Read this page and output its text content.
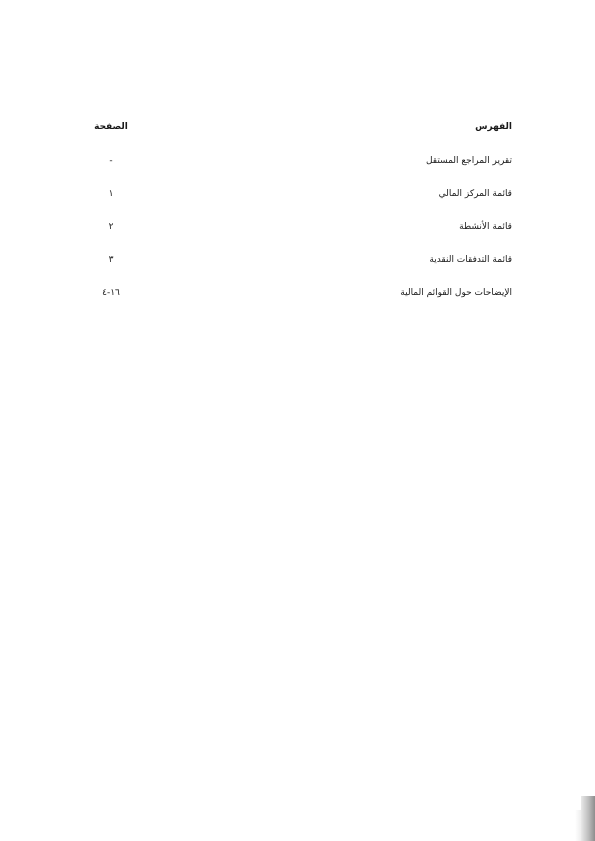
الفهرس
الصفحة
تقرير المراجع المستقل
-
قائمة المركز المالي
١
قائمة الأنشطة
٢
قائمة التدفقات النقدية
٣
الإيضاحات حول القوائم المالية
١٦-٤
